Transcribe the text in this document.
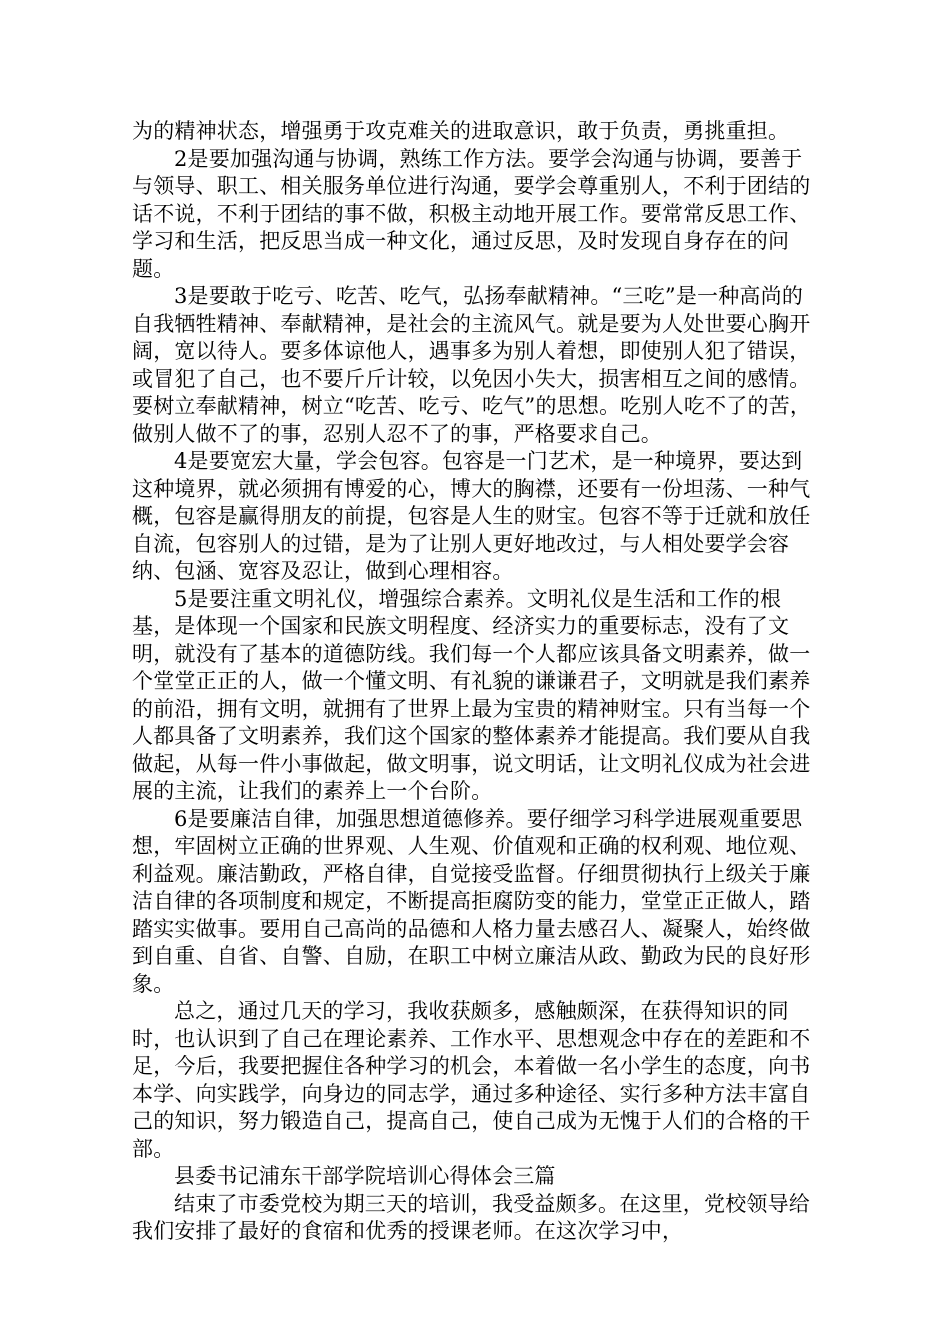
为的精神状态，增强勇于攻克难关的进取意识，敢于负责，勇挑重担。

2是要加强沟通与协调，熟练工作方法。要学会沟通与协调，要善于与领导、职工、相关服务单位进行沟通，要学会尊重别人，不利于团结的话不说，不利于团结的事不做，积极主动地开展工作。要常常反思工作、学习和生活，把反思当成一种文化，通过反思，及时发现自身存在的问题。

3是要敢于吃亏、吃苦、吃气，弘扬奉献精神。“三吃”是一种高尚的自我牺牲精神、奉献精神，是社会的主流风气。就是要为人处世要心胸开阔，宽以待人。要多体谅他人，遇事多为别人着想，即使别人犯了错误，或冒犯了自己，也不要斤斤计较，以免因小失大，损害相互之间的感情。要树立奉献精神，树立“吃苦、吃亏、吃气”的思想。吃别人吃不了的苦，做别人做不了的事，忍别人忍不了的事，严格要求自己。

4是要宽宏大量，学会包容。包容是一门艺术，是一种境界，要达到这种境界，就必须拥有博爱的心，博大的胸襟，还要有一份坦荡、一种气概，包容是赢得朋友的前提，包容是人生的财宝。包容不等于迁就和放任自流，包容别人的过错，是为了让别人更好地改过，与人相处要学会容纳、包涵、宽容及忍让，做到心理相容。

5是要注重文明礼仪，增强综合素养。文明礼仪是生活和工作的根基，是体现一个国家和民族文明程度、经济实力的重要标志，没有了文明，就没有了基本的道德防线。我们每一个人都应该具备文明素养，做一个堂堂正正的人，做一个懂文明、有礼貌的谦谦君子，文明就是我们素养的前沿，拥有文明，就拥有了世界上最为宝贵的精神财宝。只有当每一个人都具备了文明素养，我们这个国家的整体素养才能提高。我们要从自我做起，从每一件小事做起，做文明事，说文明话，让文明礼仪成为社会进展的主流，让我们的素养上一个台阶。

6是要廉洁自律，加强思想道德修养。要仔细学习科学进展观重要思想，牢固树立正确的世界观、人生观、价值观和正确的权利观、地位观、利益观。廉洁勤政，严格自律，自觉接受监督。仔细贯彻执行上级关于廉洁自律的各项制度和规定，不断提高拒腐防变的能力，堂堂正正做人，踏踏实实做事。要用自己高尚的品德和人格力量去感召人、凝聚人，始终做到自重、自省、自警、自励，在职工中树立廉洁从政、勤政为民的良好形象。

总之，通过几天的学习，我收获颇多，感触颇深，在获得知识的同时，也认识到了自己在理论素养、工作水平、思想观念中存在的差距和不足，今后，我要把握住各种学习的机会，本着做一名小学生的态度，向书本学、向实践学，向身边的同志学，通过多种途径、实行多种方法丰富自己的知识，努力锻造自己，提高自己，使自己成为无愧于人们的合格的干部。

县委书记浦东干部学院培训心得体会三篇

结束了市委党校为期三天的培训，我受益颇多。在这里，党校领导给我们安排了最好的食宿和优秀的授课老师。在这次学习中，
